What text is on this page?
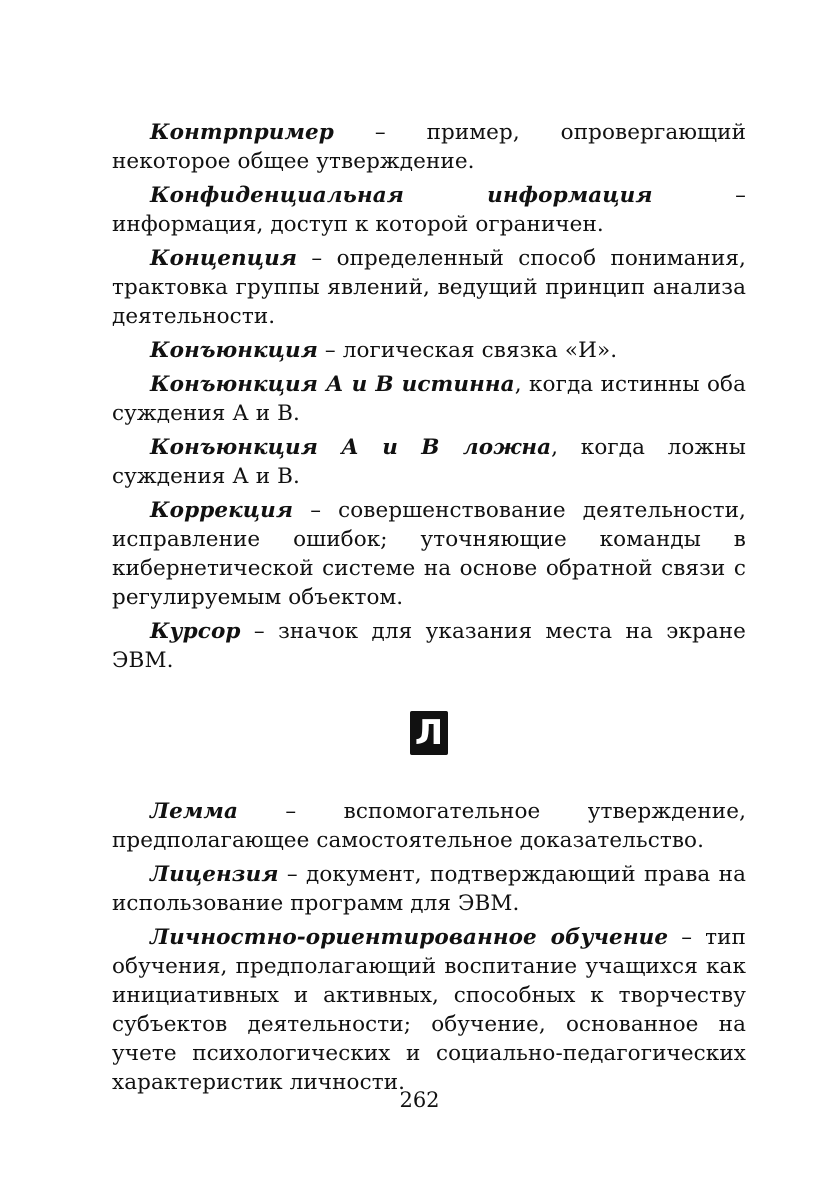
Контрпример – пример, опровергающий некоторое общее утверждение.

Конфиденциальная информация – информация, доступ к которой ограничен.

Концепция – определенный способ понимания, трактовка группы явлений, ведущий принцип анализа деятельности.

Конъюнкция – логическая связка «И».

Конъюнкция А и В истинна, когда истинны оба суждения А и В.

Конъюнкция А и В ложна, когда ложны суждения А и В.

Коррекция – совершенствование деятельности, исправление ошибок; уточняющие команды в кибернетической системе на основе обратной связи с регулируемым объектом.

Курсор – значок для указания места на экране ЭВМ.

Л

Лемма – вспомогательное утверждение, предполагающее самостоятельное доказательство.

Лицензия – документ, подтверждающий права на использование программ для ЭВМ.

Личностно-ориентированное обучение – тип обучения, предполагающий воспитание учащихся как инициативных и активных, способных к творчеству субъектов деятельности; обучение, основанное на учете психологических и социально-педагогических характеристик личности.

262
